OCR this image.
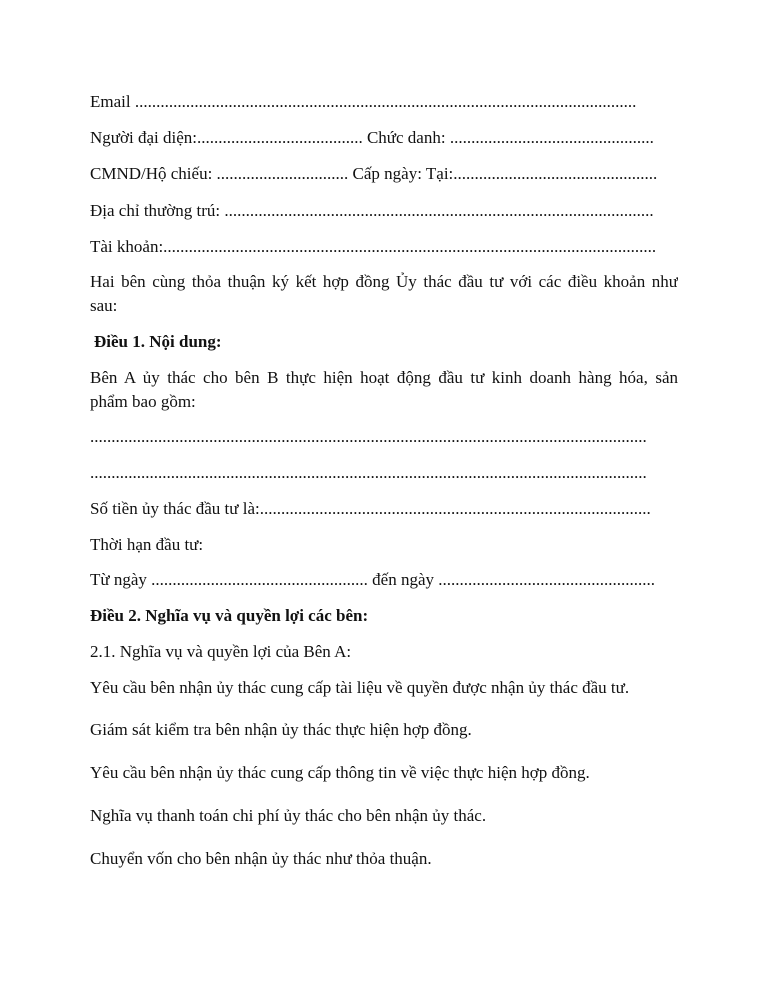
Email ......................................................................................................................
Người đại diện:....................................... Chức danh: ................................................
CMND/Hộ chiếu: ............................... Cấp ngày: Tại:................................................
Địa chỉ thường trú: .....................................................................................................
Tài khoản:....................................................................................................................
Hai bên cùng thỏa thuận ký kết hợp đồng Ủy thác đầu tư với các điều khoản như
sau:
Điều 1. Nội dung:
Bên A ủy thác cho bên B thực hiện hoạt động đầu tư kinh doanh hàng hóa, sản
phẩm bao gồm:
...................................................................................................................................
...................................................................................................................................
Số tiền ủy thác đầu tư là:............................................................................................
Thời hạn đầu tư:
Từ ngày ................................................... đến ngày ...................................................
Điều 2. Nghĩa vụ và quyền lợi các bên:
2.1. Nghĩa vụ và quyền lợi của Bên A:
Yêu cầu bên nhận ủy thác cung cấp tài liệu về quyền được nhận ủy thác đầu tư.
Giám sát kiểm tra bên nhận ủy thác thực hiện hợp đồng.
Yêu cầu bên nhận ủy thác cung cấp thông tin về việc thực hiện hợp đồng.
Nghĩa vụ thanh toán chi phí ủy thác cho bên nhận ủy thác.
Chuyển vốn cho bên nhận ủy thác như thỏa thuận.
